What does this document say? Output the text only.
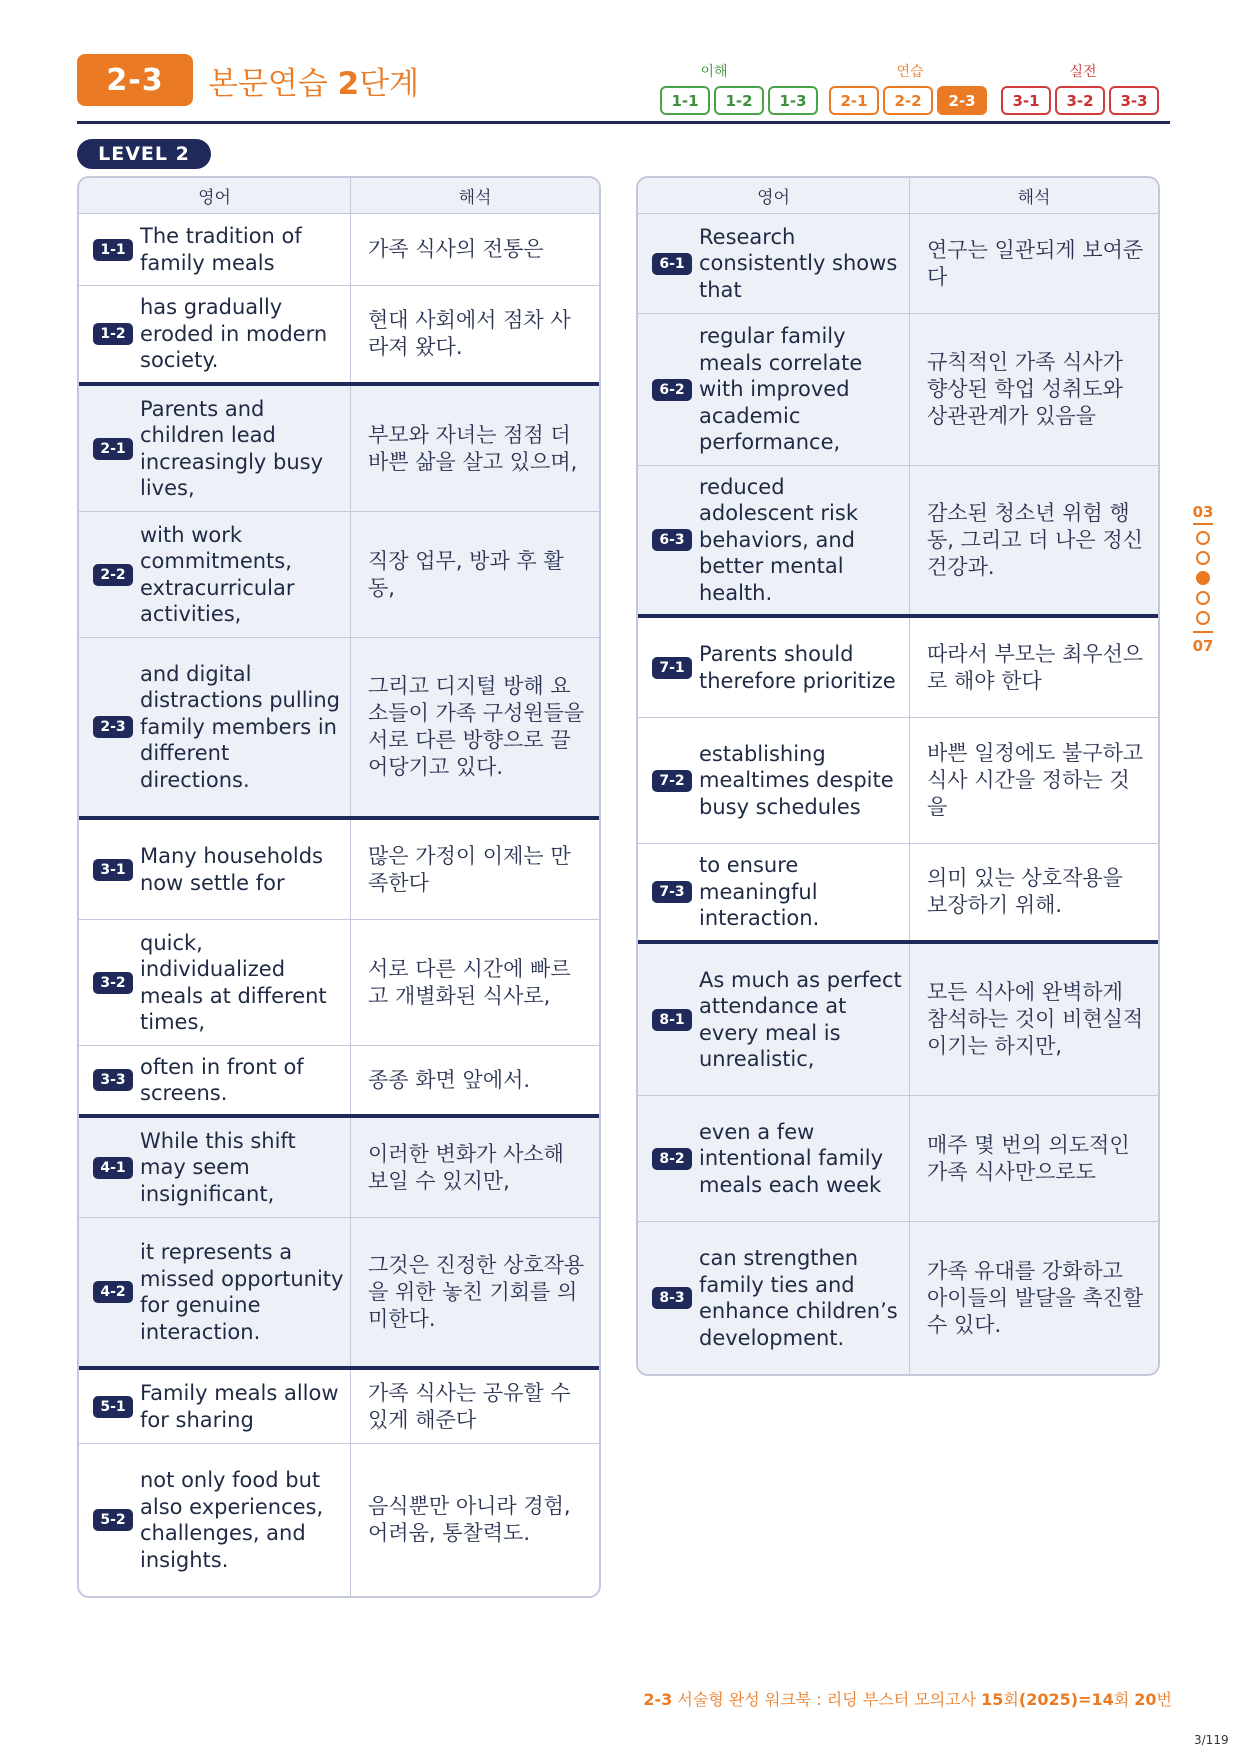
2-3	본문연습 2단계	이해	연습	실전
1-1	1-2	1-3	2-1	2-2	2-3	3-1	3-2	3-3
LEVEL 2
영어	해석
1-1
The tradition of family meals
가족 식사의 전통은
1-2
has gradually eroded in modern society.
현대 사회에서 점차 사라져 왔다.
2-1
Parents and children lead increasingly busy lives,
부모와 자녀는 점점 더 바쁜 삶을 살고 있으며,
2-2
with work commitments, extracurricular activities,
직장 업무, 방과 후 활동,
2-3
and digital distractions pulling family members in different directions.
그리고 디지털 방해 요소들이 가족 구성원들을 서로 다른 방향으로 끌어당기고 있다.
3-1
Many households now settle for
많은 가정이 이제는 만족한다
3-2
quick, individualized meals at different times,
서로 다른 시간에 빠르고 개별화된 식사로,
3-3
often in front of screens.
종종 화면 앞에서.
4-1
While this shift may seem insignificant,
이러한 변화가 사소해 보일 수 있지만,
4-2
it represents a missed opportunity for genuine interaction.
그것은 진정한 상호작용을 위한 놓친 기회를 의미한다.
5-1
Family meals allow for sharing
가족 식사는 공유할 수 있게 해준다
5-2
not only food but also experiences, challenges, and insights.
음식뿐만 아니라 경험, 어려움, 통찰력도.
영어	해석
6-1
Research consistently shows that
연구는 일관되게 보여준다
6-2
regular family meals correlate with improved academic performance,
규칙적인 가족 식사가 향상된 학업 성취도와 상관관계가 있음을
6-3
reduced adolescent risk behaviors, and better mental health.
감소된 청소년 위험 행동, 그리고 더 나은 정신 건강과.
7-1
Parents should therefore prioritize
따라서 부모는 최우선으로 해야 한다
7-2
establishing mealtimes despite busy schedules
바쁜 일정에도 불구하고 식사 시간을 정하는 것을
7-3
to ensure meaningful interaction.
의미 있는 상호작용을 보장하기 위해.
8-1
As much as perfect attendance at every meal is unrealistic,
모든 식사에 완벽하게 참석하는 것이 비현실적이기는 하지만,
8-2
even a few intentional family meals each week
매주 몇 번의 의도적인 가족 식사만으로도
8-3
can strengthen family ties and enhance children’s development.
가족 유대를 강화하고 아이들의 발달을 촉진할 수 있다.
03
07
2-3 서술형 완성 워크북 : 리딩 부스터 모의고사 15회(2025)=14회 20번
3/119
